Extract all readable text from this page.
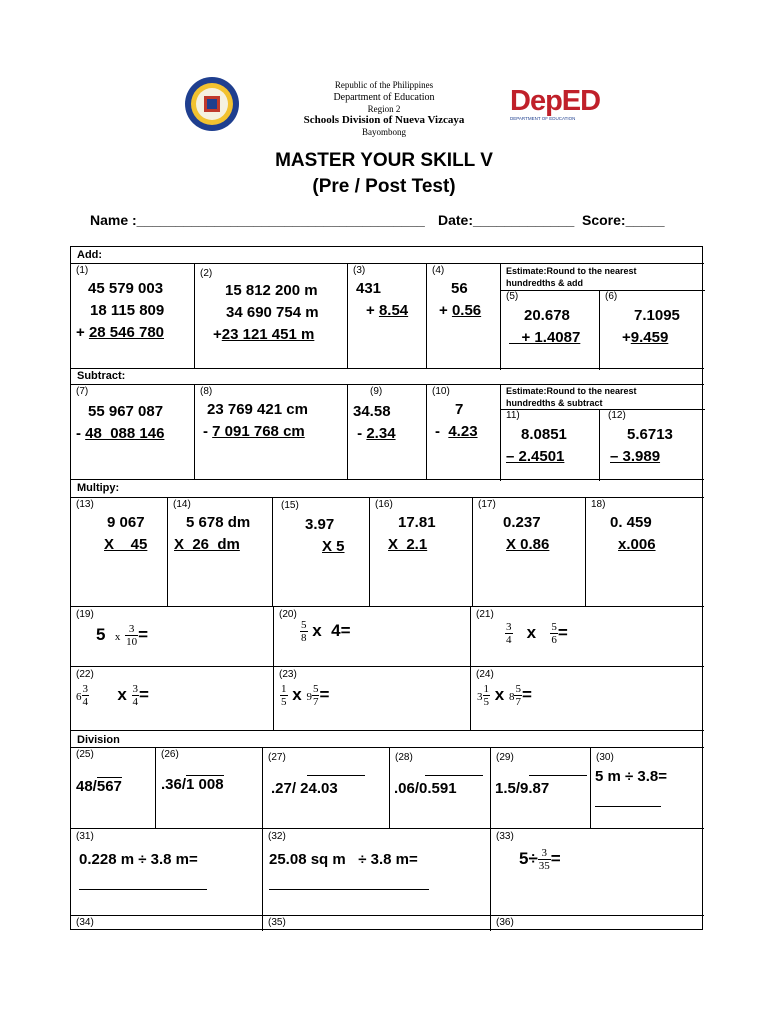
Republic of the Philippines
Department of Education
Region 2
Schools Division of Nueva Vizcaya
Bayombong
DepED
DEPARTMENT OF EDUCATION
MASTER YOUR SKILL V
(Pre / Post Test)
Name :_____________________________________ Date:_____________ Score:_____
Add:
(1)
45 579 003
18 115 809
+ 28 546 780
(2)
15 812 200 m
34 690 754 m
+23 121 451 m
(3)
431
+ 8.54
(4)
56
+ 0.56
Estimate:Round to the nearest hundredths & add
(5)
20.678
+ 1.4087
(6)
7.1095
+9.459
Subtract:
(7)
55 967 087
- 48  088 146
(8)
23 769 421 cm
- 7 091 768 cm
(9)
34.58
- 2.34
(10)
7
-  4.23
Estimate:Round to the nearest hundredths & subtract
11)
8.0851
– 2.4501
(12)
5.6713
– 3.989
Multipy:
(13)
9 067
X    45
(14)
5 678 dm
X  26  dm
(15)
3.97
X 5
(16)
17.81
X  2.1
(17)
0.237
X 0.86
18)
0. 459
x.006
(19)
5 x $\frac{3}{10}$ =
(20)
$\frac{5}{8}$ x  4=
(21)
$\frac{3}{4}$ x $\frac{5}{6}$ =
(22)
$6 \frac{3}{4}$ x $\frac{3}{4}$ =
(23)
$\frac{1}{5}$ x $9 \frac{5}{7}$ =
(24)
$3 \frac{1}{5}$ x $8 \frac{5}{7}$ =
Division
(25)
48/567
(26)
.36/1 008
(27)
.27/ 24.03
(28)
.06/0.591
(29)
1.5/9.87
(30)
5 m ÷ 3.8=
(31)
0.228 m ÷ 3.8 m=
(32)
25.08 sq m   ÷ 3.8 m=
(33)
$5\div \frac{3}{35}$ =
(34)	(35)	(36)
